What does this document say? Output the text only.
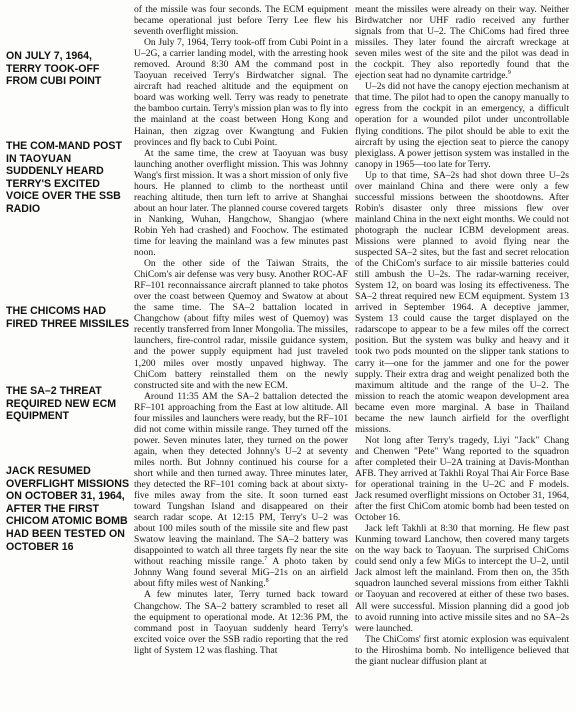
ON JULY 7, 1964, TERRY TOOK-OFF FROM CUBI POINT
THE COM-MAND POST IN TAOYUAN SUDDENLY HEARD TERRY'S EXCITED VOICE OVER THE SSB RADIO
THE CHICOMS HAD FIRED THREE MISSILES
THE SA–2 THREAT REQUIRED NEW ECM EQUIPMENT
JACK RESUMED OVERFLIGHT MISSIONS ON OCTOBER 31, 1964, AFTER THE FIRST CHICOM ATOMIC BOMB HAD BEEN TESTED ON OCTOBER 16

of the missile was four seconds. The ECM equipment became operational just before Terry Lee flew his seventh overflight mission.

On July 7, 1964, Terry took-off from Cubi Point in a U–2G, a carrier landing model, with the arresting hook removed. Around 8:30 AM the command post in Taoyuan received Terry's Birdwatcher signal. The aircraft had reached altitude and the equipment on board was working well. Terry was ready to penetrate the bamboo curtain. Terry's mission plan was to fly into the mainland at the coast between Hong Kong and Hainan, then zigzag over Kwangtung and Fukien provinces and fly back to Cubi Point.

At the same time, the crew at Taoyuan was busy launching another overflight mission. This was Johnny Wang's first mission. It was a short mission of only five hours. He planned to climb to the northeast until reaching altitude, then turn left to arrive at Shanghai about an hour later. The planned course covered targets in Nanking, Wuhan, Hangchow, Shangjao (where Robin Yeh had crashed) and Foochow. The estimated time for leaving the mainland was a few minutes past noon.

On the other side of the Taiwan Straits, the ChiCom's air defense was very busy. Another ROC-AF RF–101 reconnaissance aircraft planned to take photos over the coast between Quemoy and Swatow at about the same time. The SA–2 battalion located in Changchow (about fifty miles west of Quemoy) was recently transferred from Inner Mongolia. The missiles, launchers, fire-control radar, missile guidance system, and the power supply equipment had just traveled 1,200 miles over mostly unpaved highway. The ChiCom battery reinstalled them on the newly constructed site and with the new ECM.

Around 11:35 AM the SA–2 battalion detected the RF–101 approaching from the East at low altitude. All four missiles and launchers were ready, but the RF–101 did not come within missile range. They turned off the power. Seven minutes later, they turned on the power again, when they detected Johnny's U–2 at seventy miles north. But Johnny continued his course for a short while and then turned away. Three minutes later, they detected the RF–101 coming back at about sixty-five miles away from the site. It soon turned east toward Tungshan Island and disappeared on their search radar scope. At 12:15 PM, Terry's U–2 was about 100 miles south of the missile site and flew past Swatow leaving the mainland. The SA–2 battery was disappointed to watch all three targets fly near the site without reaching missile range.$^7$ A photo taken by Johnny Wang found several MiG–21s on an airfield about fifty miles west of Nanking.$^8$

A few minutes later, Terry turned back toward Changchow. The SA–2 battery scrambled to reset all the equipment to operational mode. At 12:36 PM, the command post in Taoyuan suddenly heard Terry's excited voice over the SSB radio reporting that the red light of System 12 was flashing. That

meant the missiles were already on their way. Neither Birdwatcher nor UHF radio received any further signals from that U–2. The ChiComs had fired three missiles. They later found the aircraft wreckage at seven miles west of the site and the pilot was dead in the cockpit. They also reportedly found that the ejection seat had no dynamite cartridge.$^9$

U–2s did not have the canopy ejection mechanism at that time. The pilot had to open the canopy manually to egress from the cockpit in an emergency, a difficult operation for a wounded pilot under uncontrollable flying conditions. The pilot should be able to exit the aircraft by using the ejection seat to pierce the canopy plexiglass. A power jettison system was installed in the canopy in 1965—too late for Terry.

Up to that time, SA–2s had shot down three U–2s over mainland China and there were only a few successful missions between the shootdowns. After Robin's disaster only three missions flew over mainland China in the next eight months. We could not photograph the nuclear ICBM development areas. Missions were planned to avoid flying near the suspected SA–2 sites, but the fast and secret relocation of the ChiCom's surface to air missile batteries could still ambush the U–2s. The radar-warning receiver, System 12, on board was losing its effectiveness. The SA–2 threat required new ECM equipment. System 13 arrived in September 1964. A deceptive jammer, System 13 could cause the target displayed on the radarscope to appear to be a few miles off the correct position. But the system was bulky and heavy and it took two pods mounted on the slipper tank stations to carry it—one for the jammer and one for the power supply. Their extra drag and weight penalized both the maximum altitude and the range of the U–2. The mission to reach the atomic weapon development area became even more marginal. A base in Thailand became the new launch airfield for the overflight missions.

Not long after Terry's tragedy, Liyi "Jack" Chang and Chenwen "Pete" Wang reported to the squadron after completed their U–2A training at Davis-Monthan AFB. They arrived at Takhli Royal Thai Air Force Base for operational training in the U–2C and F models. Jack resumed overflight missions on October 31, 1964, after the first ChiCom atomic bomb had been tested on October 16.

Jack left Takhli at 8:30 that morning. He flew past Kunming toward Lanchow, then covered many targets on the way back to Taoyuan. The surprised ChiComs could send only a few MiGs to intercept the U–2, until Jack almost left the mainland. From then on, the 35th squadron launched several missions from either Takhli or Taoyuan and recovered at either of these two bases. All were successful. Mission planning did a good job to avoid running into active missile sites and no SA–2s were launched.

The ChiComs' first atomic explosion was equivalent to the Hiroshima bomb. No intelligence believed that the giant nuclear diffusion plant at
